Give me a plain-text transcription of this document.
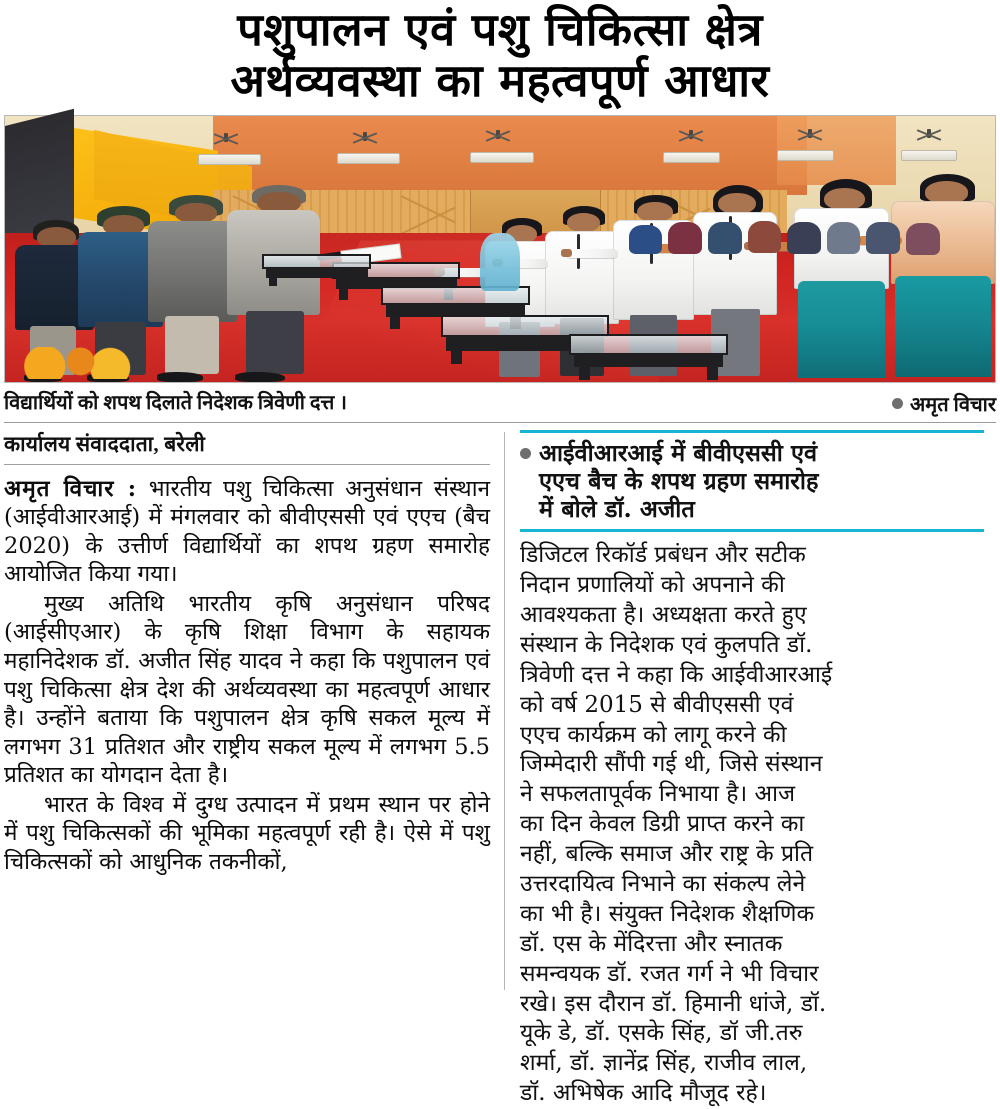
पशुपालन एवं पशु चिकित्सा क्षेत्र
अर्थव्यवस्था का महत्वपूर्ण आधार
विद्यार्थियों को शपथ दिलाते निदेशक त्रिवेणी दत्त ।	अमृत विचार
कार्यालय संवाददाता, बरेली

अमृत विचार : भारतीय पशु चिकित्सा अनुसंधान संस्थान (आईवीआरआई) में मंगलवार को बीवीएससी एवं एएच (बैच 2020) के उत्तीर्ण विद्यार्थियों का शपथ ग्रहण समारोह आयोजित किया गया।

मुख्य अतिथि भारतीय कृषि अनुसंधान परिषद (आईसीएआर) के कृषि शिक्षा विभाग के सहायक महानिदेशक डॉ. अजीत सिंह यादव ने कहा कि पशुपालन एवं पशु चिकित्सा क्षेत्र देश की अर्थव्यवस्था का महत्वपूर्ण आधार है। उन्होंने बताया कि पशुपालन क्षेत्र कृषि सकल मूल्य में लगभग 31 प्रतिशत और राष्ट्रीय सकल मूल्य में लगभग 5.5 प्रतिशत का योगदान देता है।

भारत के विश्व में दुग्ध उत्पादन में प्रथम स्थान पर होने में पशु चिकित्सकों की भूमिका महत्वपूर्ण रही है। ऐसे में पशु चिकित्सकों को आधुनिक तकनीकों,

आईवीआरआई में बीवीएससी एवं
एएच बैच के शपथ ग्रहण समारोह
में बोले डॉ. अजीत
डिजिटल रिकॉर्ड प्रबंधन और सटीक
निदान प्रणालियों को अपनाने की
आवश्यकता है। अध्यक्षता करते हुए
संस्थान के निदेशक एवं कुलपति डॉ.
त्रिवेणी दत्त ने कहा कि आईवीआरआई
को वर्ष 2015 से बीवीएससी एवं
एएच कार्यक्रम को लागू करने की
जिम्मेदारी सौंपी गई थी, जिसे संस्थान
ने सफलतापूर्वक निभाया है। आज
का दिन केवल डिग्री प्राप्त करने का
नहीं, बल्कि समाज और राष्ट्र के प्रति
उत्तरदायित्व निभाने का संकल्प लेने
का भी है। संयुक्त निदेशक शैक्षणिक
डॉ. एस के मेंदिरत्ता और स्नातक
समन्वयक डॉ. रजत गर्ग ने भी विचार
रखे। इस दौरान डॉ. हिमानी धांजे, डॉ.
यूके डे, डॉ. एसके सिंह, डॉ जी.तरु
शर्मा, डॉ. ज्ञानेंद्र सिंह, राजीव लाल,
डॉ. अभिषेक आदि मौजूद रहे।
